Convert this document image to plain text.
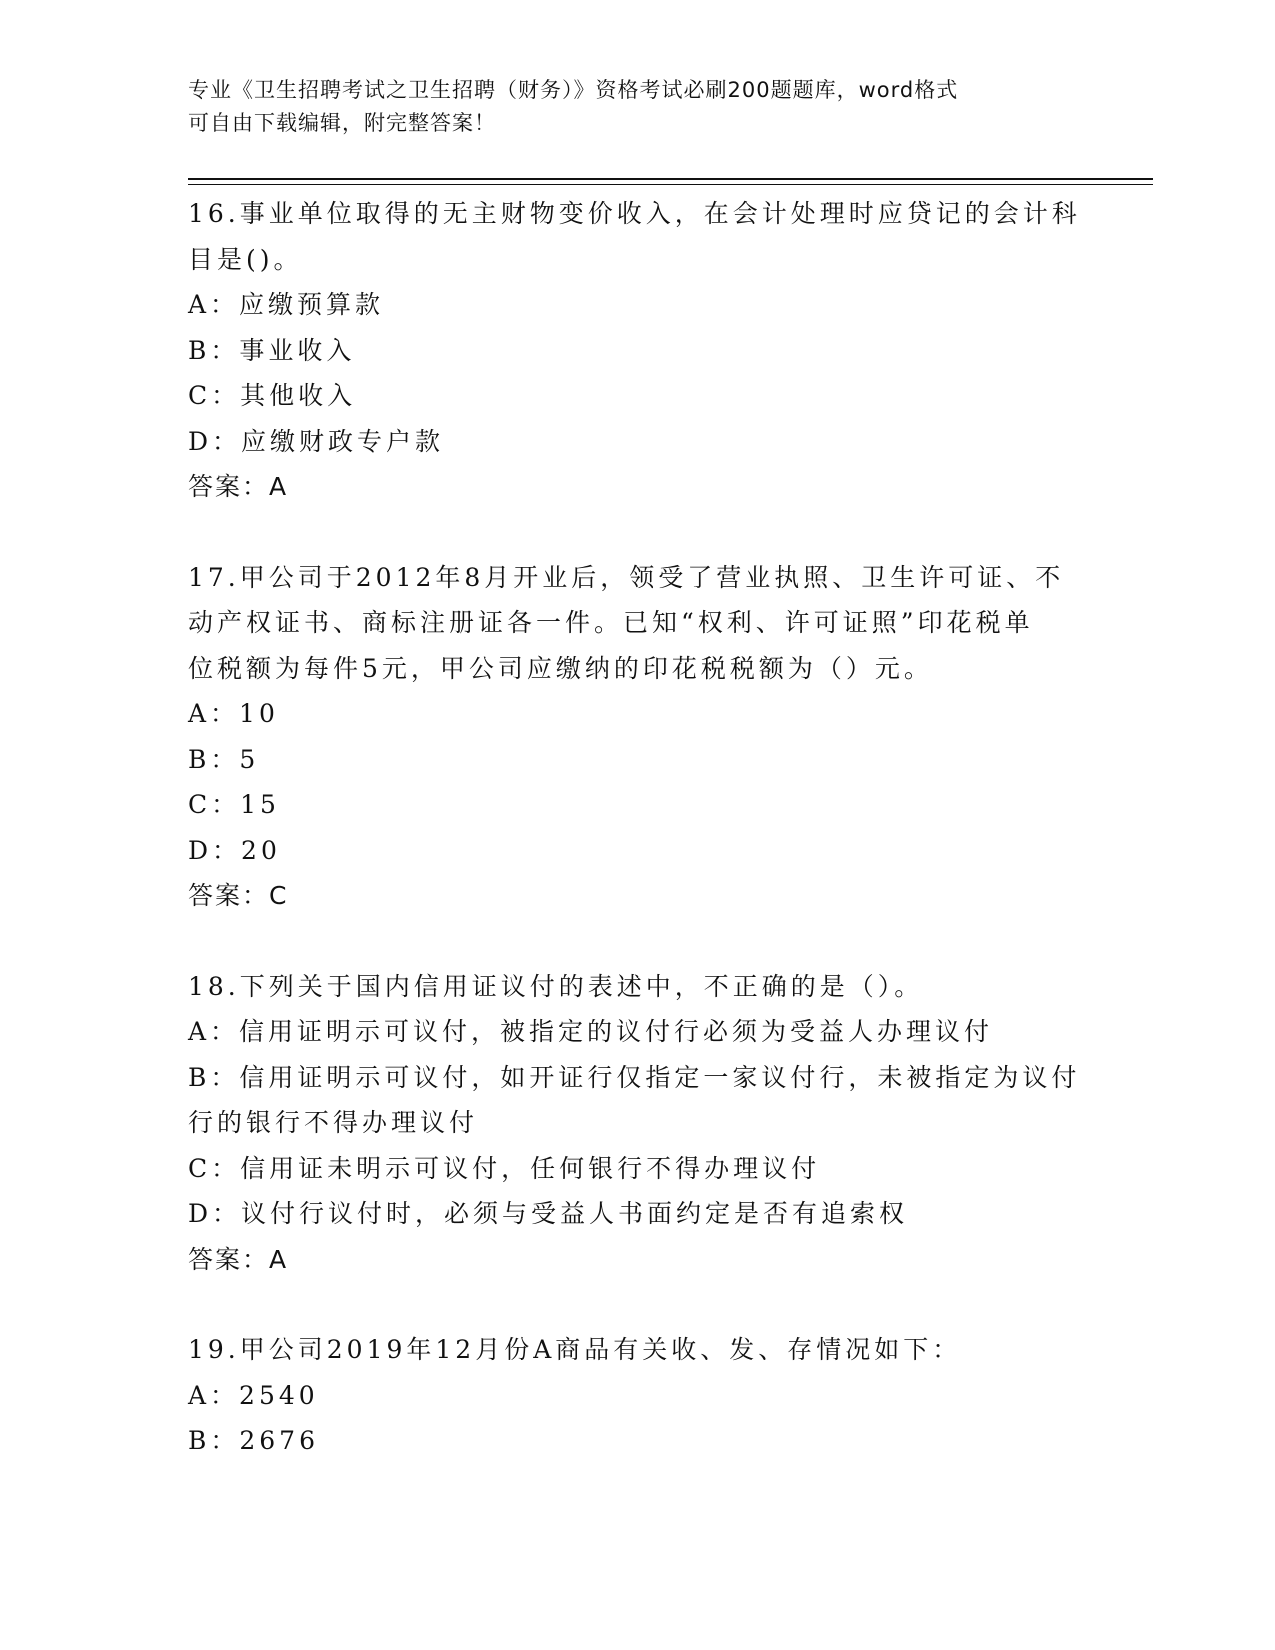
专业《卫生招聘考试之卫生招聘（财务）》资格考试必刷200题题库，word格式
可自由下载编辑，附完整答案！
16.事业单位取得的无主财物变价收入，在会计处理时应贷记的会计科
目是()。
A：应缴预算款
B：事业收入
C：其他收入
D：应缴财政专户款
答案：A
17.甲公司于2012年8月开业后，领受了营业执照、卫生许可证、不
动产权证书、商标注册证各一件。已知“权利、许可证照”印花税单
位税额为每件5元，甲公司应缴纳的印花税税额为（）元。
A：10
B：5
C：15
D：20
答案：C
18.下列关于国内信用证议付的表述中，不正确的是（）。
A：信用证明示可议付，被指定的议付行必须为受益人办理议付
B：信用证明示可议付，如开证行仅指定一家议付行，未被指定为议付
行的银行不得办理议付
C：信用证未明示可议付，任何银行不得办理议付
D：议付行议付时，必须与受益人书面约定是否有追索权
答案：A
19.甲公司2019年12月份A商品有关收、发、存情况如下：
A：2540
B：2676
